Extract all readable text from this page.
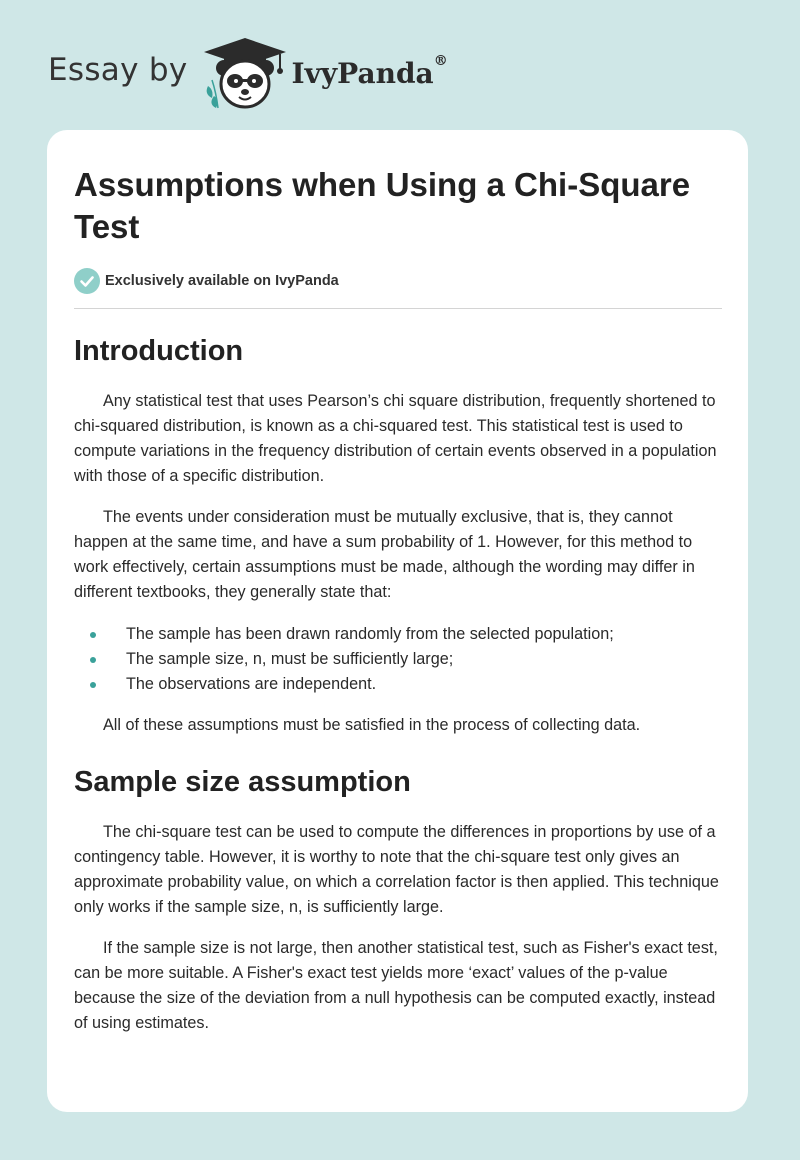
Essay by	IvyPanda®
Assumptions when Using a Chi-Square Test
Exclusively available on IvyPanda
Introduction

Any statistical test that uses Pearson’s chi square distribution, frequently shortened to chi-squared distribution, is known as a chi-squared test. This statistical test is used to compute variations in the frequency distribution of certain events observed in a population with those of a specific distribution.

The events under consideration must be mutually exclusive, that is, they cannot happen at the same time, and have a sum probability of 1. However, for this method to work effectively, certain assumptions must be made, although the wording may differ in different textbooks, they generally state that:

The sample has been drawn randomly from the selected population;
The sample size, n, must be sufficiently large;
The observations are independent.

All of these assumptions must be satisfied in the process of collecting data.

Sample size assumption

The chi-square test can be used to compute the differences in proportions by use of a contingency table. However, it is worthy to note that the chi-square test only gives an approximate probability value, on which a correlation factor is then applied. This technique only works if the sample size, n, is sufficiently large.

If the sample size is not large, then another statistical test, such as Fisher's exact test, can be more suitable. A Fisher's exact test yields more ‘exact’ values of the p-value because the size of the deviation from a null hypothesis can be computed exactly, instead of using estimates.
